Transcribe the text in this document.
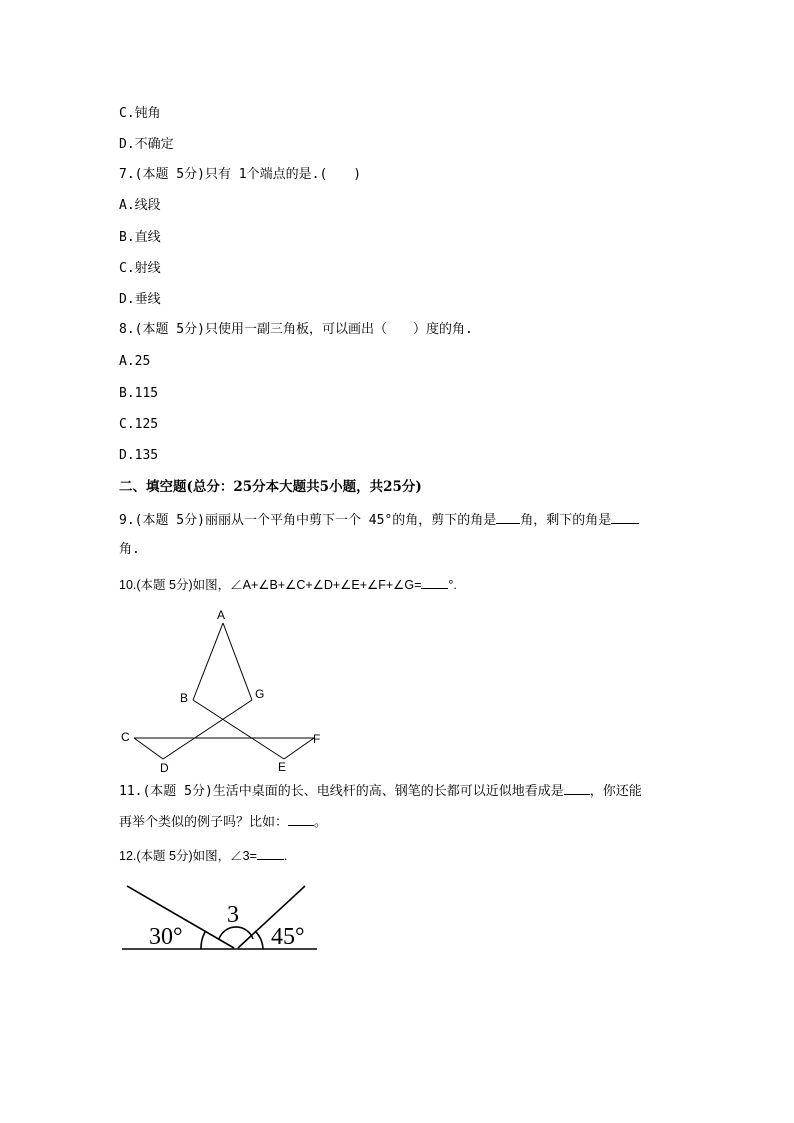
C.钝角
D.不确定
7.(本题 5分)只有 1个端点的是.(　　)
A.线段
B.直线
C.射线
D.垂线
8.(本题 5分)只使用一副三角板，可以画出（　　）度的角.
A.25
B.115
C.125
D.135
二、填空题(总分：25分本大题共5小题，共25分)
9.(本题 5分)丽丽从一个平角中剪下一个 45°的角，剪下的角是 角，剩下的角是
角.
10.(本题 5分)如图，∠A+∠B+∠C+∠D+∠E+∠F+∠G= °.
A
B	G
C	F
D	E
11.(本题 5分)生活中桌面的长、电线杆的高、钢笔的长都可以近似地看成是 ，你还能
再举个类似的例子吗？比如： 。
12.(本题 5分)如图，∠3= .
30°
3
45°
